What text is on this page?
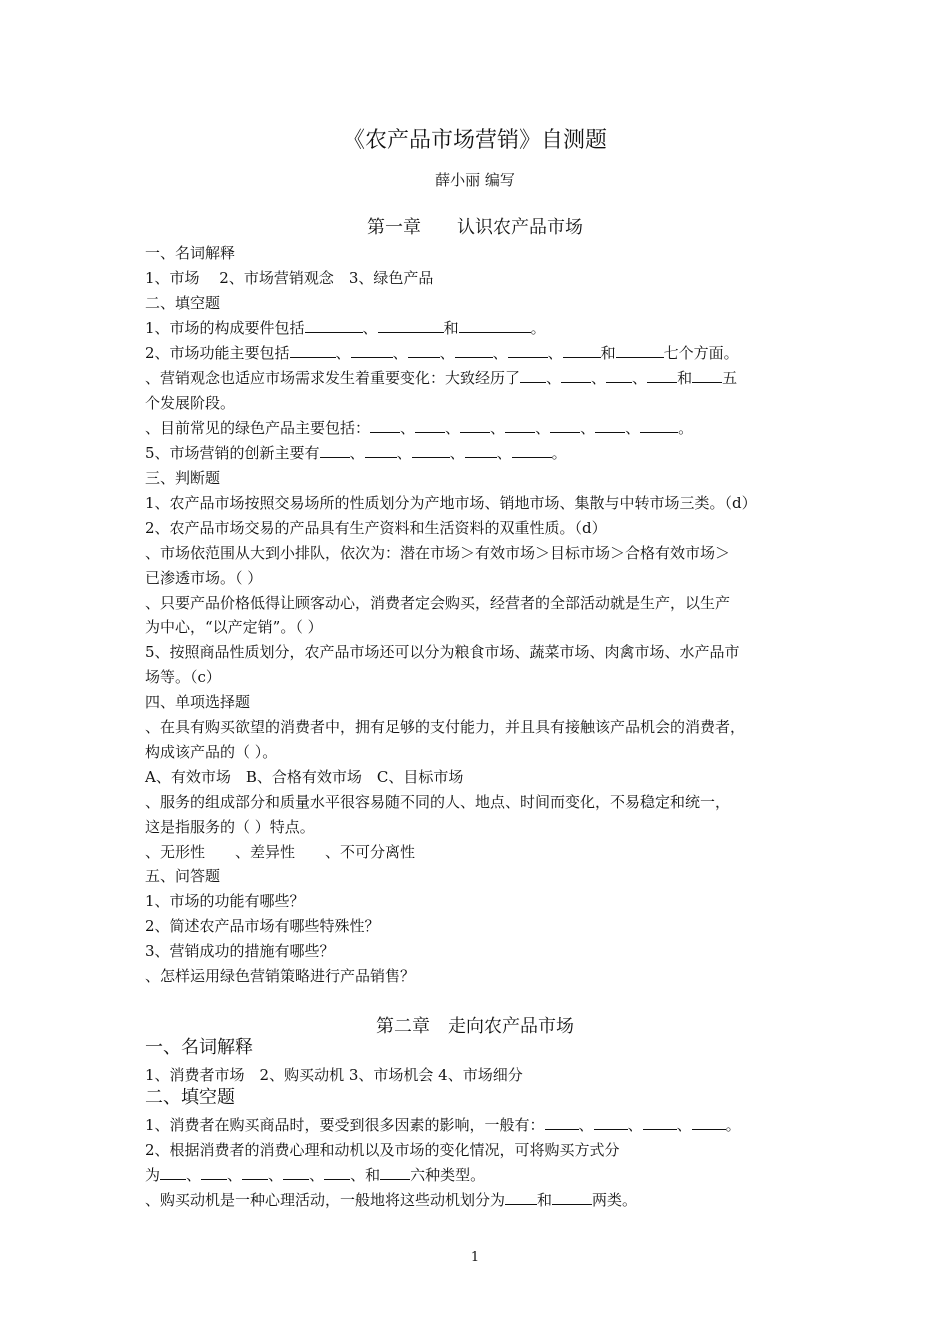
《农产品市场营销》自测题
薛小丽 编写
第一章　　认识农产品市场
一、名词解释
1、市场　 2、市场营销观念　3、绿色产品
二、填空题
1、市场的构成要件包括	、	和	。
2、市场功能主要包括	、	、 、	、	、	和	七个方面。
、营销观念也适应市场需求发生着重要变化：大致经历了 、 、 、 和 五
个发展阶段。
、目前常见的绿色产品主要包括： 、 、 、 、 、 、	。
5、市场营销的创新主要有 、 、	、 、	。
三、判断题
1、农产品市场按照交易场所的性质划分为产地市场、销地市场、集散与中转市场三类。（d）
2、农产品市场交易的产品具有生产资料和生活资料的双重性质。（d）
、市场依范围从大到小排队，依次为：潜在市场＞有效市场＞目标市场＞合格有效市场＞
已渗透市场。（ ）
、只要产品价格低得让顾客动心，消费者定会购买，经营者的全部活动就是生产，以生产
为中心，“以产定销”。（ ）
5、按照商品性质划分，农产品市场还可以分为粮食市场、蔬菜市场、肉禽市场、水产品市
场等。（c）
四、单项选择题
、在具有购买欲望的消费者中，拥有足够的支付能力，并且具有接触该产品机会的消费者，
构成该产品的（ ）。
A、有效市场　B、合格有效市场　C、目标市场
、服务的组成部分和质量水平很容易随不同的人、地点、时间而变化，不易稳定和统一，
这是指服务的（ ）特点。
、无形性　　、差异性　　、不可分离性
五、问答题
1、市场的功能有哪些？
2、简述农产品市场有哪些特殊性？
3、营销成功的措施有哪些？
、怎样运用绿色营销策略进行产品销售？
第二章　走向农产品市场
一、名词解释
1、消费者市场　2、购买动机 3、市场机会 4、市场细分
二、填空题
1、消费者在购买商品时，要受到很多因素的影响，一般有： 、 、 、 。
2、根据消费者的消费心理和动机以及市场的变化情况，可将购买方式分
为 、 、 、 、 、和 六种类型。
、购买动机是一种心理活动，一般地将这些动机划分为 和	两类。
1
